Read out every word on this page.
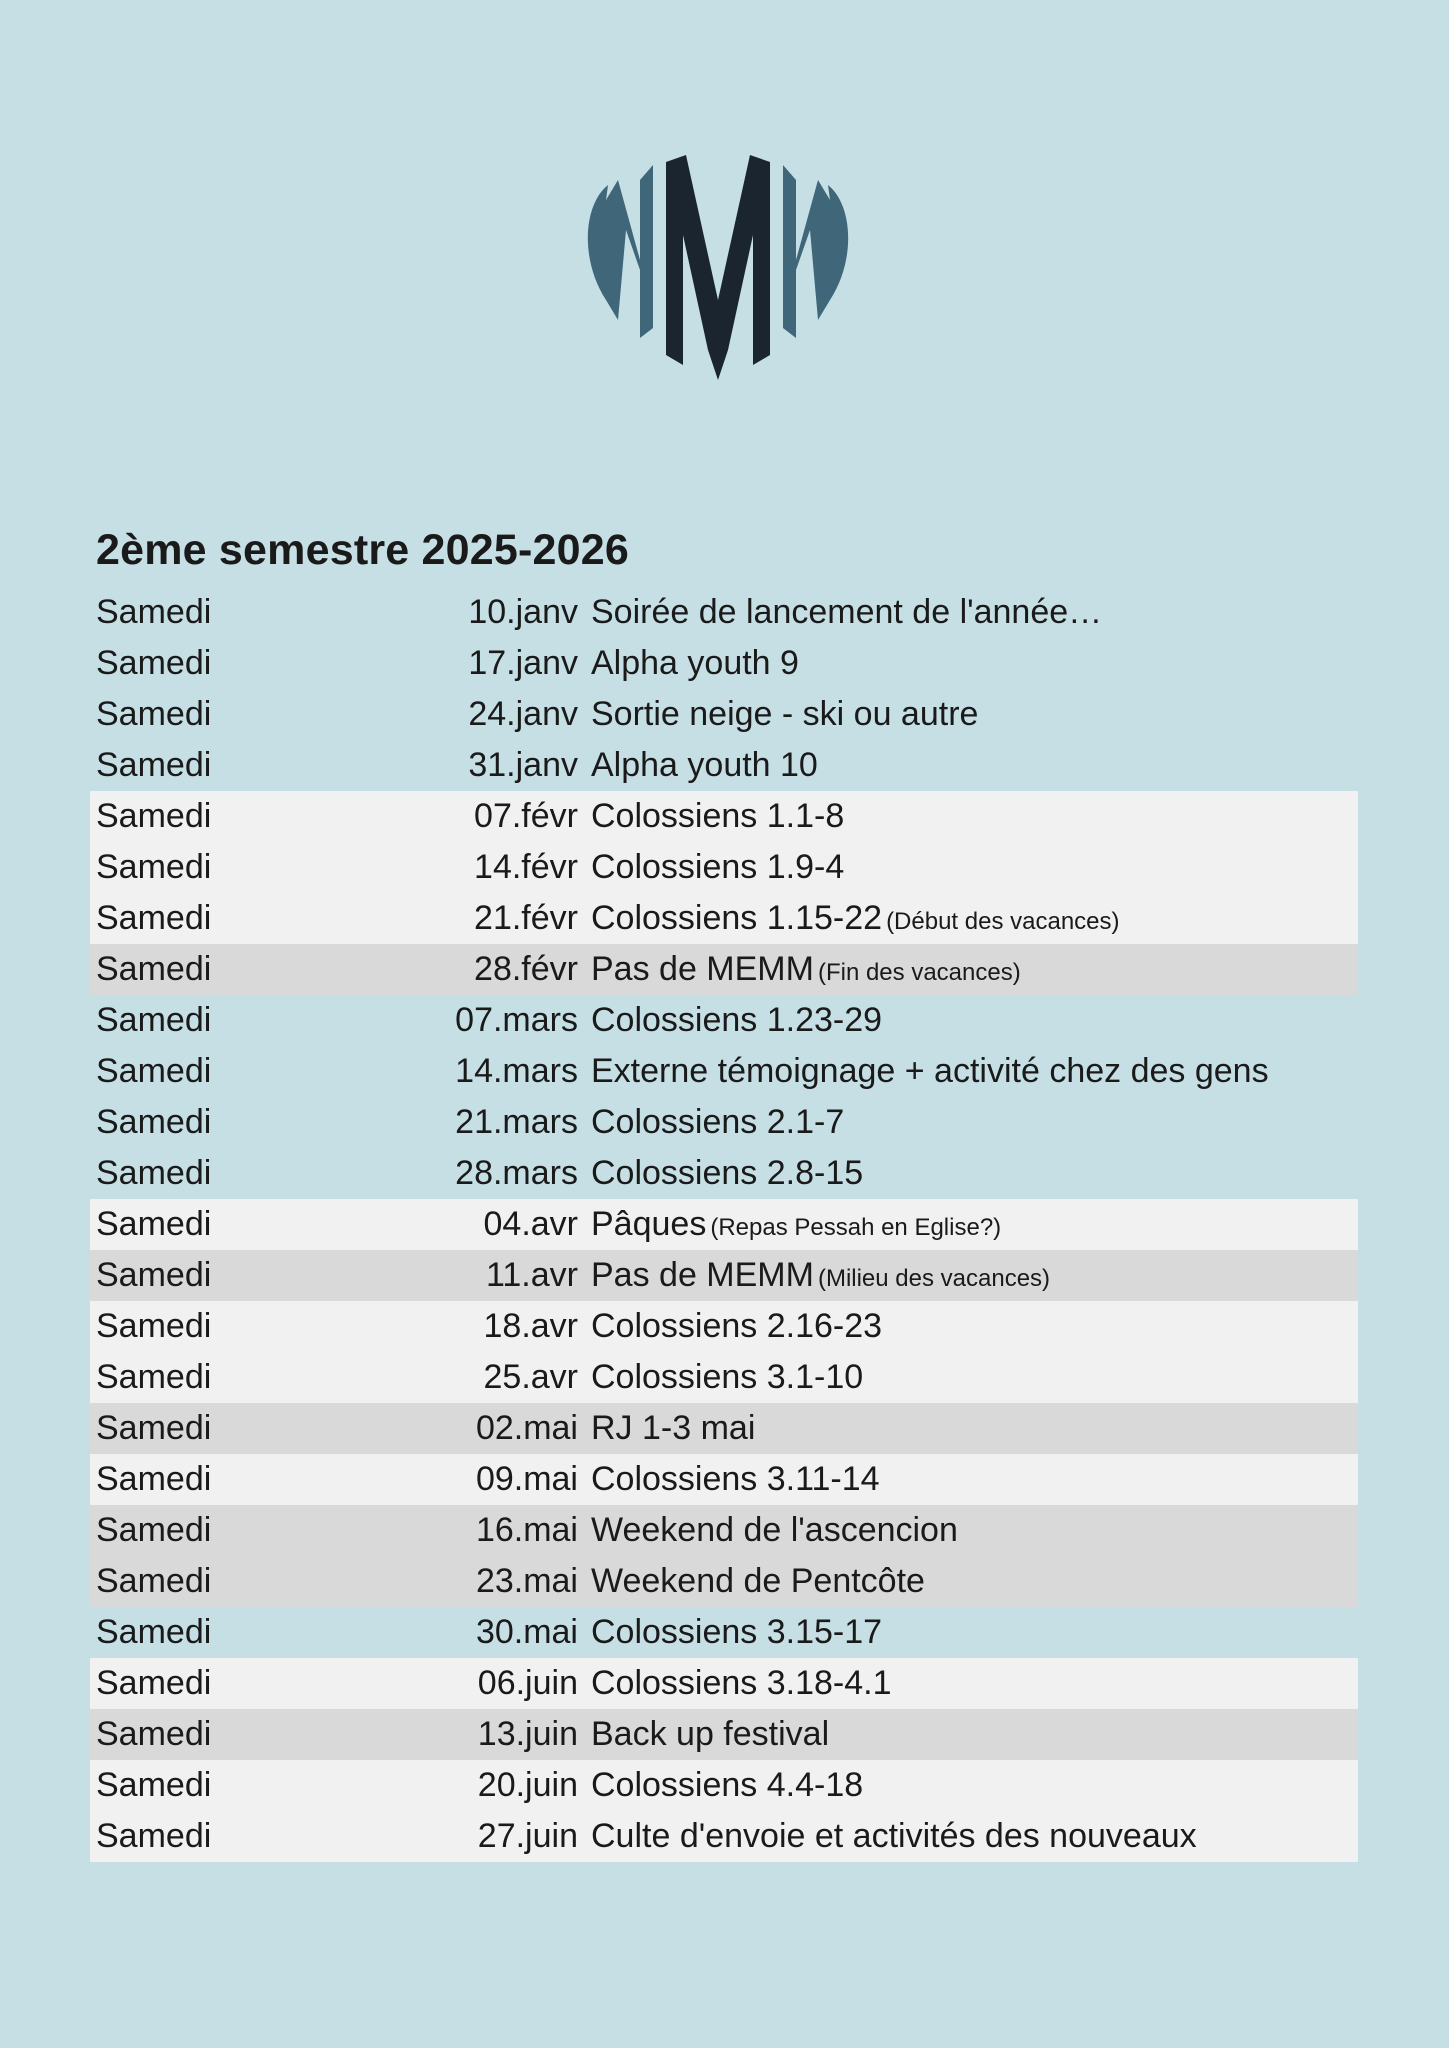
2ème semestre 2025-2026
Samedi	10.janv Soirée de lancement de l'année…
Samedi	17.janv Alpha youth 9
Samedi	24.janv Sortie neige - ski ou autre
Samedi	31.janv Alpha youth 10
Samedi	07.févr Colossiens 1.1-8
Samedi	14.févr Colossiens 1.9-4
Samedi	21.févr Colossiens 1.15-22 (Début des vacances)
Samedi	28.févr Pas de MEMM (Fin des vacances)
Samedi	07.mars Colossiens 1.23-29
Samedi	14.mars Externe témoignage + activité chez des gens
Samedi	21.mars Colossiens 2.1-7
Samedi	28.mars Colossiens 2.8-15
Samedi	04.avr Pâques (Repas Pessah en Eglise?)
Samedi	11.avr Pas de MEMM (Milieu des vacances)
Samedi	18.avr Colossiens 2.16-23
Samedi	25.avr Colossiens 3.1-10
Samedi	02.mai RJ 1-3 mai
Samedi	09.mai Colossiens 3.11-14
Samedi	16.mai Weekend de l'ascencion
Samedi	23.mai Weekend de Pentcôte
Samedi	30.mai Colossiens 3.15-17
Samedi	06.juin Colossiens 3.18-4.1
Samedi	13.juin Back up festival
Samedi	20.juin Colossiens 4.4-18
Samedi	27.juin Culte d'envoie et activités des nouveaux
